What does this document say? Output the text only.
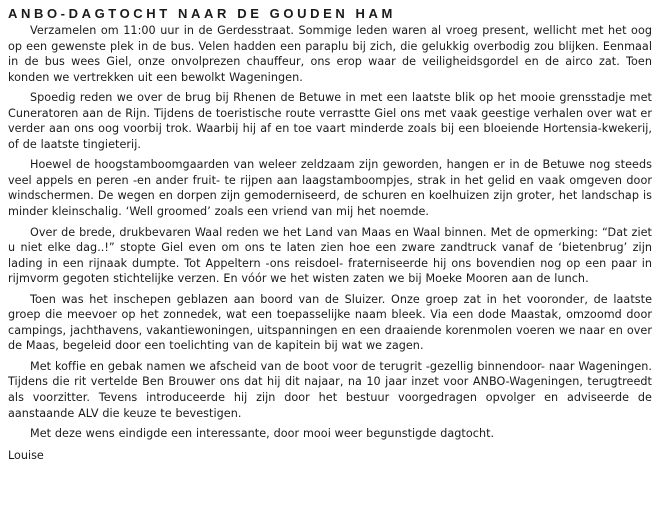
ANBO-DAGTOCHT NAAR DE GOUDEN HAM

Verzamelen om 11:00 uur in de Gerdesstraat. Sommige leden waren al vroeg present, wellicht met het oog op een gewenste plek in de bus. Velen hadden een paraplu bij zich, die gelukkig overbodig zou blijken. Eenmaal in de bus wees Giel, onze onvolprezen chauffeur, ons erop waar de veiligheidsgordel en de airco zat. Toen konden we vertrekken uit een bewolkt Wageningen.

Spoedig reden we over de brug bij Rhenen de Betuwe in met een laatste blik op het mooie grensstadje met Cuneratoren aan de Rijn. Tijdens de toeristische route verrastte Giel ons met vaak geestige verhalen over wat er verder aan ons oog voorbij trok. Waarbij hij af en toe vaart minderde zoals bij een bloeiende Hortensia-kwekerij, of de laatste tingieterij.

Hoewel de hoogstamboomgaarden van weleer zeldzaam zijn geworden, hangen er in de Betuwe nog steeds veel appels en peren -en ander fruit- te rijpen aan laagstamboompjes, strak in het gelid en vaak omgeven door windschermen. De wegen en dorpen zijn gemoderniseerd, de schuren en koelhuizen zijn groter, het landschap is minder kleinschalig. ‘Well groomed’ zoals een vriend van mij het noemde.

Over de brede, drukbevaren Waal reden we het Land van Maas en Waal binnen. Met de opmerking: “Dat ziet u niet elke dag..!” stopte Giel even om ons te laten zien hoe een zware zandtruck vanaf de ‘bietenbrug’ zijn lading in een rijnaak dumpte. Tot Appeltern -ons reisdoel- fraterniseerde hij ons bovendien nog op een paar in rijmvorm gegoten stichtelijke verzen. En vóór we het wisten zaten we bij Moeke Mooren aan de lunch.

Toen was het inschepen geblazen aan boord van de Sluizer. Onze groep zat in het vooronder, de laatste groep die meevoer op het zonnedek, wat een toepasselijke naam bleek. Via een dode Maastak, omzoomd door campings, jachthavens, vakantiewoningen, uitspanningen en een draaiende korenmolen voeren we naar en over de Maas, begeleid door een toelichting van de kapitein bij wat we zagen.

Met koffie en gebak namen we afscheid van de boot voor de terugrit -gezellig binnendoor- naar Wageningen. Tijdens die rit vertelde Ben Brouwer ons dat hij dit najaar, na 10 jaar inzet voor ANBO-Wageningen, terugtreedt als voorzitter. Tevens introduceerde hij zijn door het bestuur voorgedragen opvolger en adviseerde de aanstaande ALV die keuze te bevestigen.

Met deze wens eindigde een interessante, door mooi weer begunstigde dagtocht.

Louise
